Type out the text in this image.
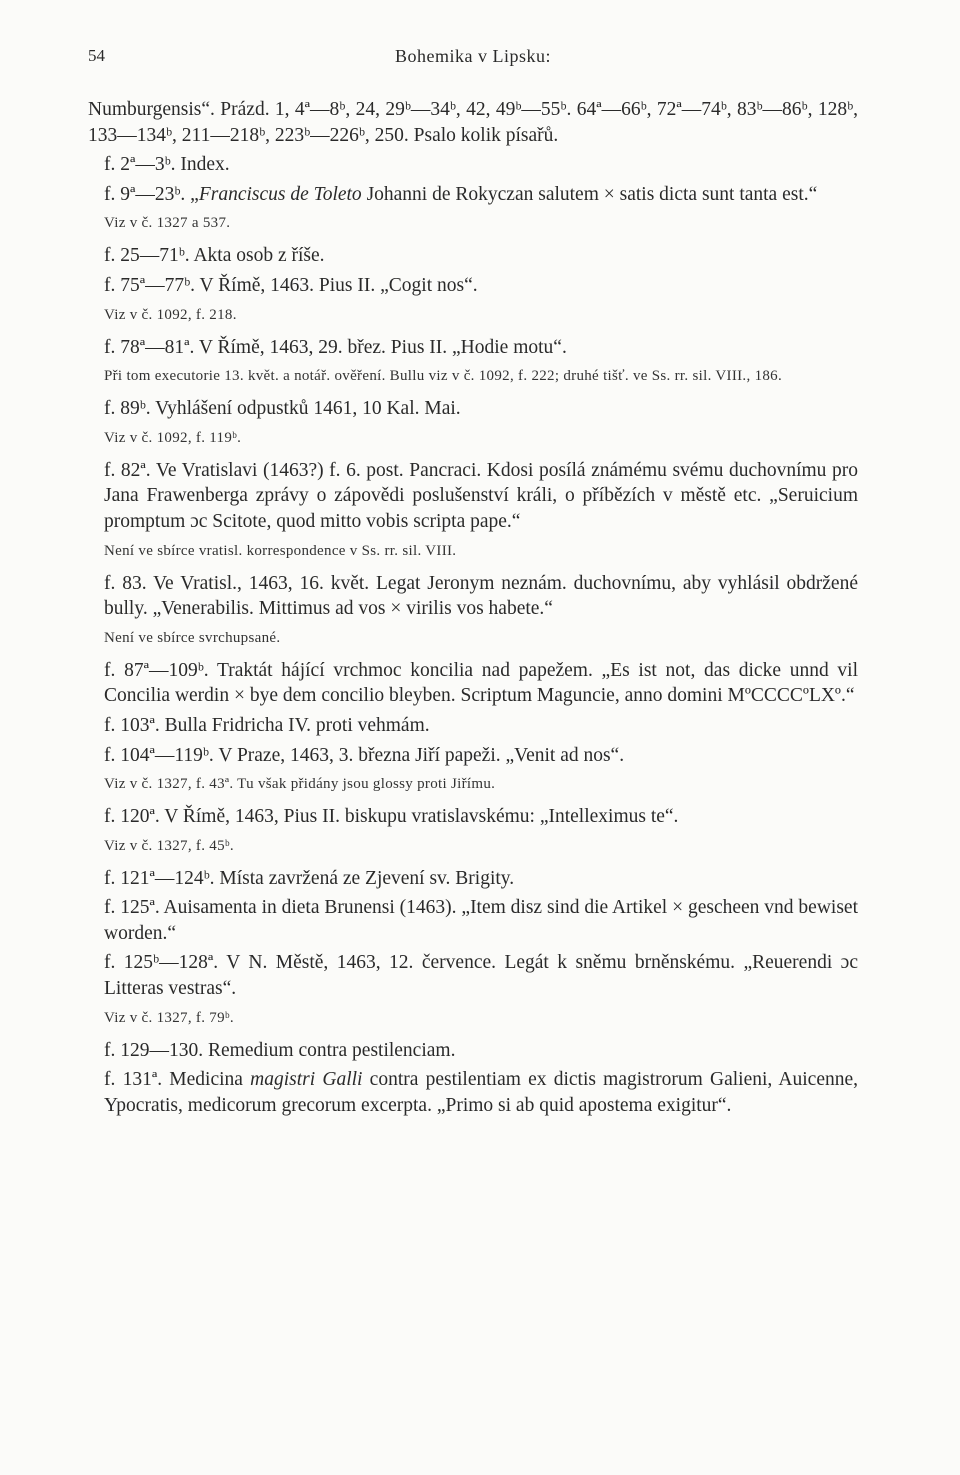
54	Bohemika v Lipsku:

Numburgensis“. Prázd. 1, 4ª—8ᵇ, 24, 29ᵇ—34ᵇ, 42, 49ᵇ—55ᵇ. 64ª—66ᵇ, 72ª—74ᵇ, 83ᵇ—86ᵇ, 128ᵇ, 133—134ᵇ, 211—218ᵇ, 223ᵇ—226ᵇ, 250. Psalo kolik písařů.

f. 2ª—3ᵇ. Index.

f. 9ª—23ᵇ. „Franciscus de Toleto Johanni de Rokyczan salutem × satis dicta sunt tanta est.“

Viz v č. 1327 a 537.

f. 25—71ᵇ. Akta osob z říše.

f. 75ª—77ᵇ. V Římě, 1463. Pius II. „Cogit nos“.

Viz v č. 1092, f. 218.

f. 78ª—81ª. V Římě, 1463, 29. břez. Pius II. „Hodie motu“.

Při tom executorie 13. květ. a notář. ověření. Bullu viz v č. 1092, f. 222; druhé tišť. ve Ss. rr. sil. VIII., 186.

f. 89ᵇ. Vyhlášení odpustků 1461, 10 Kal. Mai.

Viz v č. 1092, f. 119ᵇ.

f. 82ª. Ve Vratislavi (1463?) f. 6. post. Pancraci. Kdosi posílá známému svému duchovnímu pro Jana Frawenberga zprávy o zápovědi poslušenství králi, o příbězích v městě etc. „Seruicium promptum ɔc Scitote, quod mitto vobis scripta pape.“

Není ve sbírce vratisl. korrespondence v Ss. rr. sil. VIII.

f. 83. Ve Vratisl., 1463, 16. květ. Legat Jeronym neznám. duchovnímu, aby vyhlásil obdržené bully. „Venerabilis. Mittimus ad vos × virilis vos habete.“

Není ve sbírce svrchupsané.

f. 87ª—109ᵇ. Traktát hájící vrchmoc koncilia nad papežem. „Es ist not, das dicke unnd vil Concilia werdin × bye dem concilio bleyben. Scriptum Maguncie, anno domini MºCCCCºLXº.“

f. 103ª. Bulla Fridricha IV. proti vehmám.

f. 104ª—119ᵇ. V Praze, 1463, 3. března Jiří papeži. „Venit ad nos“.

Viz v č. 1327, f. 43ª. Tu však přidány jsou glossy proti Jiřímu.

f. 120ª. V Římě, 1463, Pius II. biskupu vratislavskému: „Intelleximus te“.

Viz v č. 1327, f. 45ᵇ.

f. 121ª—124ᵇ. Místa zavržená ze Zjevení sv. Brigity.

f. 125ª. Auisamenta in dieta Brunensi (1463). „Item disz sind die Artikel × gescheen vnd bewiset worden.“

f. 125ᵇ—128ª. V N. Městě, 1463, 12. července. Legát k sněmu brněnskému. „Reuerendi ɔc Litteras vestras“.

Viz v č. 1327, f. 79ᵇ.

f. 129—130. Remedium contra pestilenciam.

f. 131ª. Medicina magistri Galli contra pestilentiam ex dictis magistrorum Galieni, Auicenne, Ypocratis, medicorum grecorum excerpta. „Primo si ab quid apostema exigitur“.
